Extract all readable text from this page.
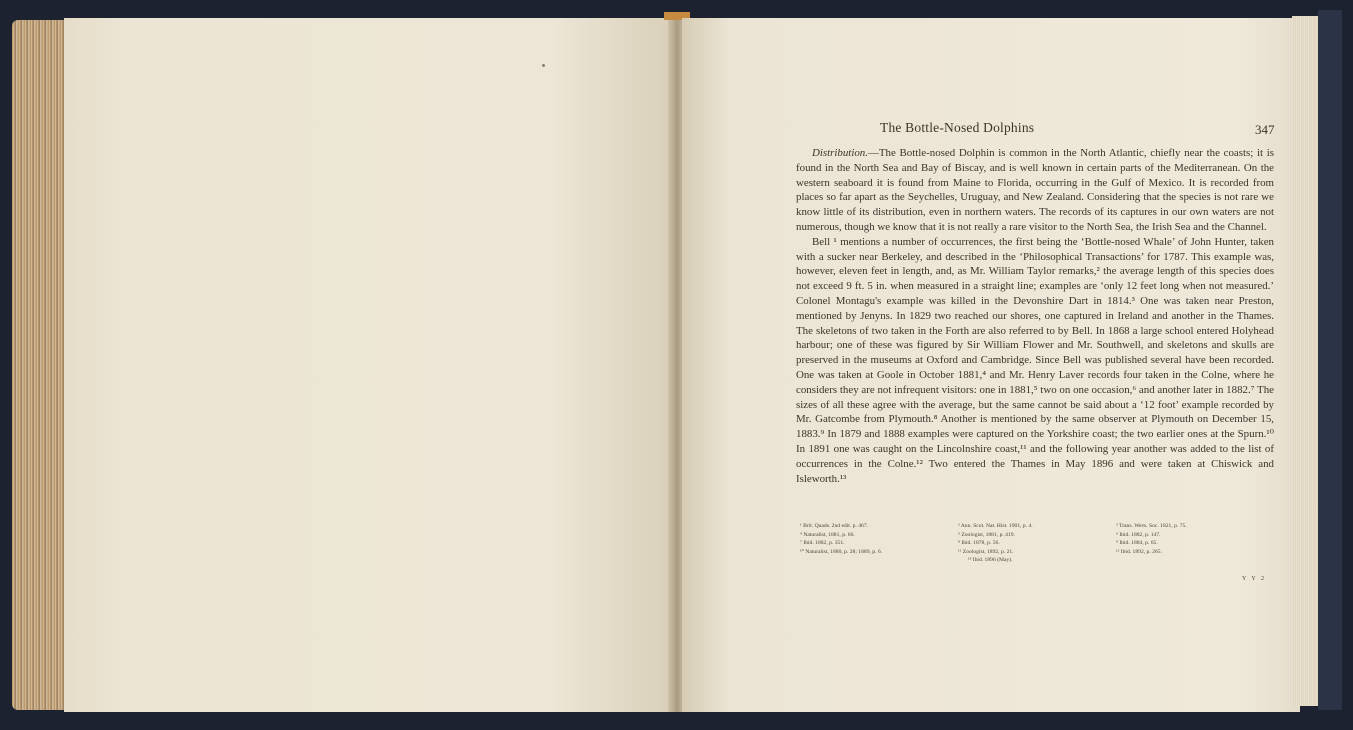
The Bottle-Nosed Dolphins	347

Distribution.—The Bottle-nosed Dolphin is common in the North Atlantic, chiefly near the coasts; it is found in the North Sea and Bay of Biscay, and is well known in certain parts of the Mediterranean. On the western seaboard it is found from Maine to Florida, occurring in the Gulf of Mexico. It is recorded from places so far apart as the Seychelles, Uruguay, and New Zealand. Considering that the species is not rare we know little of its distribution, even in northern waters. The records of its captures in our own waters are not numerous, though we know that it is not really a rare visitor to the North Sea, the Irish Sea and the Channel.

Bell ¹ mentions a number of occurrences, the first being the ‘Bottle-nosed Whale’ of John Hunter, taken with a sucker near Berkeley, and described in the ‘Philosophical Transactions’ for 1787. This example was, however, eleven feet in length, and, as Mr. William Taylor remarks,² the average length of this species does not exceed 9 ft. 5 in. when measured in a straight line; examples are ‘only 12 feet long when not measured.’ Colonel Montagu's example was killed in the Devonshire Dart in 1814.³ One was taken near Preston, mentioned by Jenyns. In 1829 two reached our shores, one captured in Ireland and another in the Thames. The skeletons of two taken in the Forth are also referred to by Bell. In 1868 a large school entered Holyhead harbour; one of these was figured by Sir William Flower and Mr. Southwell, and skeletons and skulls are preserved in the museums at Oxford and Cambridge. Since Bell was published several have been recorded. One was taken at Goole in October 1881,⁴ and Mr. Henry Laver records four taken in the Colne, where he considers they are not infrequent visitors: one in 1881,⁵ two on one occasion,⁶ and another later in 1882.⁷ The sizes of all these agree with the average, but the same cannot be said about a ‘12 foot’ example recorded by Mr. Gatcombe from Plymouth.⁸ Another is mentioned by the same observer at Plymouth on December 15, 1883.⁹ In 1879 and 1888 examples were captured on the Yorkshire coast; the two earlier ones at the Spurn.¹⁰ In 1891 one was caught on the Lincolnshire coast,¹¹ and the following year another was added to the list of occurrences in the Colne.¹² Two entered the Thames in May 1896 and were taken at Chiswick and Isleworth.¹³

¹ Brit. Quads. 2nd edit. p. 467.
⁴ Naturalist, 1881, p. 66.
⁷ Ibid. 1882, p. 351.
¹⁰ Naturalist, 1880, p. 28; 1889, p. 6.
² Ann. Scot. Nat. Hist. 1901, p. 4.
⁵ Zoologist, 1881, p. 419.
⁸ Ibid. 1878, p. 56.
¹¹ Zoologist, 1892, p. 21.
¹³ Ibid. 1896 (May).
³ Trans. Wern. Soc. 1821, p. 75.
⁶ Ibid. 1882, p. 147.
⁹ Ibid. 1884, p. 65.
¹² Ibid. 1892, p. 265.
Y Y 2
